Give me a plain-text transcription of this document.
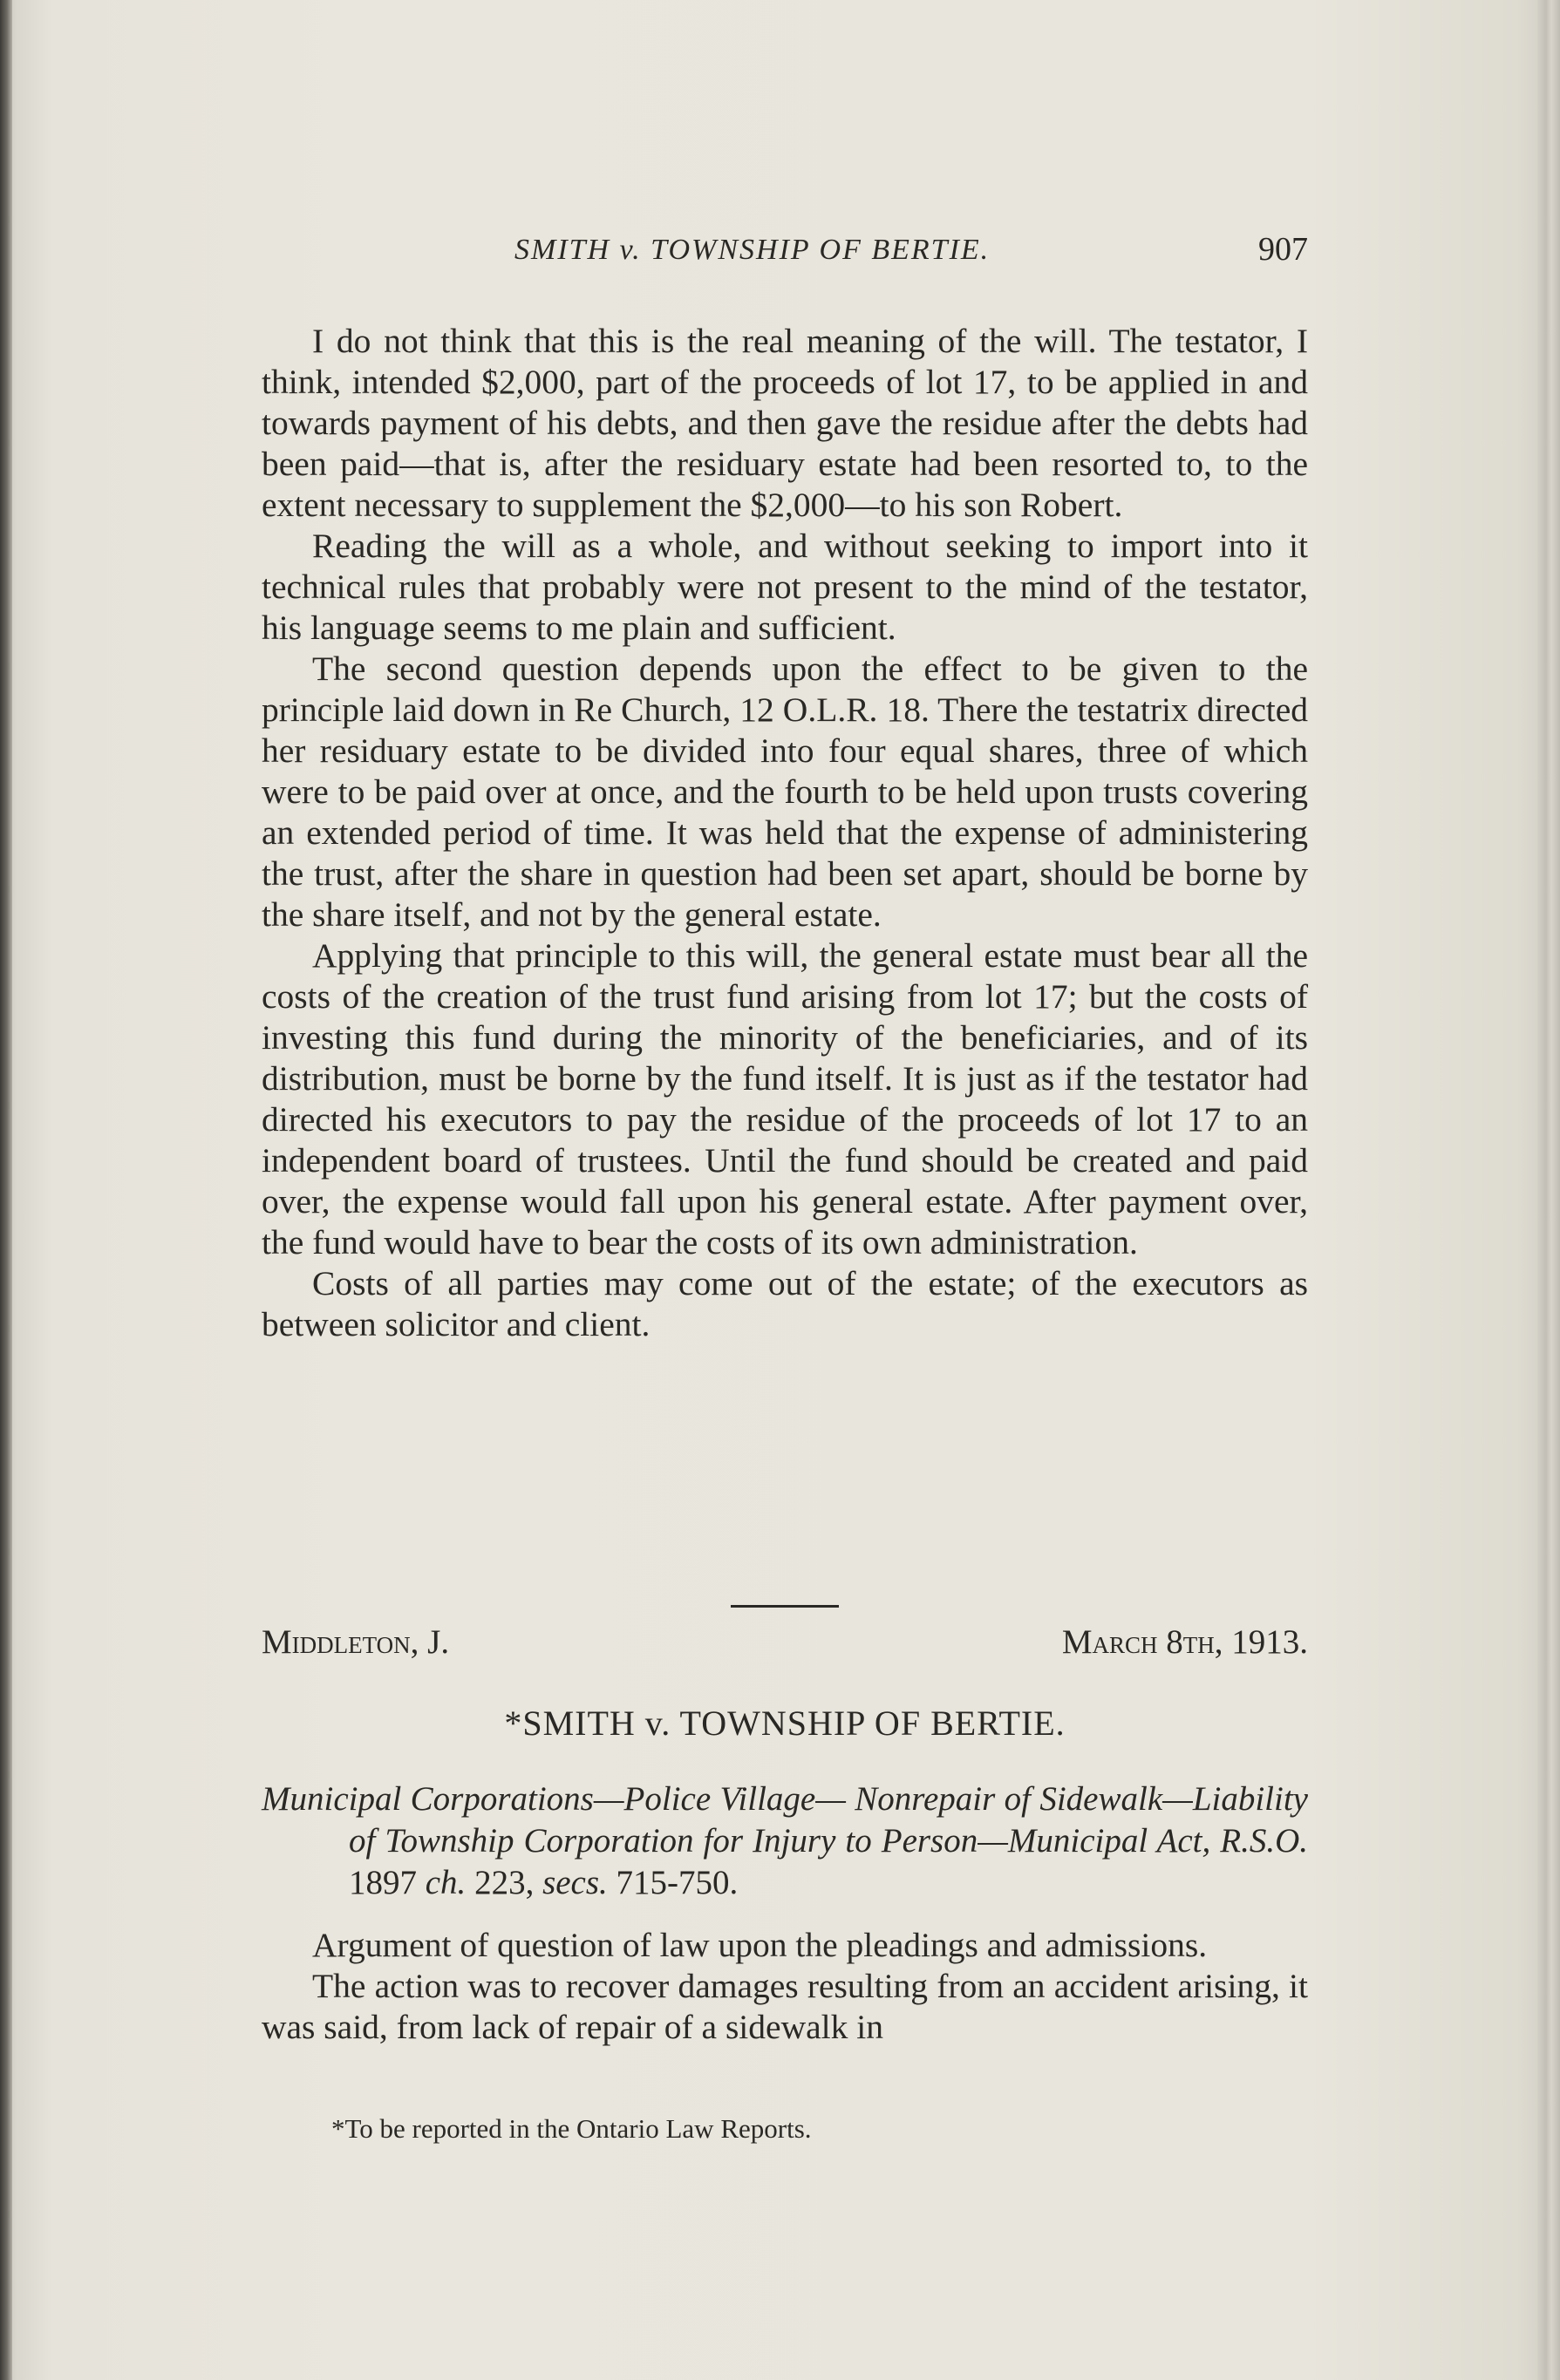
SMITH v. TOWNSHIP OF BERTIE.	907

I do not think that this is the real meaning of the will. The testator, I think, intended $2,000, part of the proceeds of lot 17, to be applied in and towards payment of his debts, and then gave the residue after the debts had been paid—that is, after the residuary estate had been resorted to, to the extent necessary to supplement the $2,000—to his son Robert.

Reading the will as a whole, and without seeking to import into it technical rules that probably were not present to the mind of the testator, his language seems to me plain and sufficient.

The second question depends upon the effect to be given to the principle laid down in Re Church, 12 O.L.R. 18. There the testatrix directed her residuary estate to be divided into four equal shares, three of which were to be paid over at once, and the fourth to be held upon trusts covering an extended period of time. It was held that the expense of administering the trust, after the share in question had been set apart, should be borne by the share itself, and not by the general estate.

Applying that principle to this will, the general estate must bear all the costs of the creation of the trust fund arising from lot 17; but the costs of investing this fund during the minority of the beneficiaries, and of its distribution, must be borne by the fund itself. It is just as if the testator had directed his executors to pay the residue of the proceeds of lot 17 to an independent board of trustees. Until the fund should be created and paid over, the expense would fall upon his general estate. After payment over, the fund would have to bear the costs of its own administration.

Costs of all parties may come out of the estate; of the executors as between solicitor and client.

Middleton, J.	March 8th, 1913.
*SMITH v. TOWNSHIP OF BERTIE.
Municipal Corporations—Police Village— Nonrepair of Sidewalk—Liability of Township Corporation for Injury to Person—Municipal Act, R.S.O. 1897 ch. 223, secs. 715-750.

Argument of question of law upon the pleadings and admissions.

The action was to recover damages resulting from an accident arising, it was said, from lack of repair of a sidewalk in

*To be reported in the Ontario Law Reports.
